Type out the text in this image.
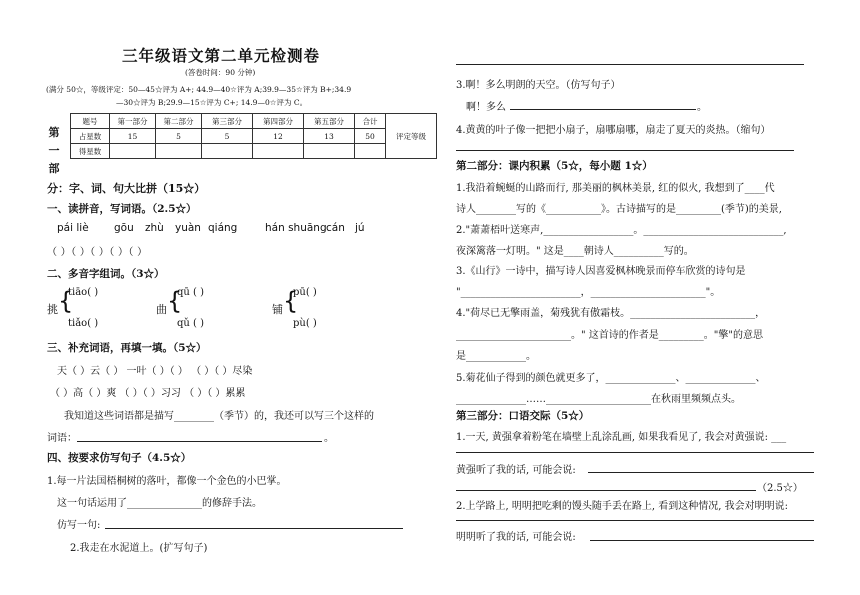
三年级语文第二单元检测卷
(答卷时间：90 分钟)
(满分 50☆，等级评定：50—45☆评为 A+; 44.9—40☆评为 A;39.9—35☆评为 B+;34.9
—30☆评为 B;29.9—15☆评为 C+; 14.9—0☆评为 C。
第
一
部
题号	第一部分	第二部分	第三部分	第四部分	第五部分	合计	评定等级
占星数	15	5	5	12	13	50	
得星数							
分：字、词、句大比拼（15☆）
一、读拼音，写词语。（2.5☆）
pái liè gōu zhù yuàn qiáng	hán shuāng cán jú
（ ）（ ）（ ）（ ）（ ）
二、多音字组词。（3☆）
挑 {
tiāo( )
tiǎo( )
曲 {
qū ( )
qǔ ( )
铺 {
pū( )
pù( )
三、补充词语，再填一填。（5☆）
天（ ）云（ ） 一叶（ ）（ ） （ ）（ ）尽染
（ ）高（ ）爽 （ ）（ ）习习 （ ）（ ）累累
我知道这些词语都是描写________（季节）的，我还可以写三个这样的
词语：	。
四、按要求仿写句子（4.5☆）
1.每一片法国梧桐树的落叶，都像一个金色的小巴掌。
这一句话运用了_______________的修辞手法。
仿写一句:
2.我走在水泥道上。(扩写句子)
3.啊！多么明朗的天空。（仿写句子）
啊！多么	。
4.黄黄的叶子像一把把小扇子，扇哪扇哪，扇走了夏天的炎热。（缩句）
第二部分：课内积累（5☆，每小题 1☆）
1.我沿着蜿蜒的山路而行, 那美丽的枫林美景, 红的似火, 我想到了____代
诗人________写的《___________》。古诗描写的是_________(季节)的美景,
2."萧萧梧叶送寒声,__________________。____________________________,
夜深篱落一灯明。" 这是____朝诗人__________写的。
3.《山行》一诗中，描写诗人因喜爱枫林晚景而停车欣赏的诗句是
"________________________，_______________________"。
4."荷尽已无擎雨盖，菊残犹有傲霜枝。_________________________，
_______________________。" 这首诗的作者是_________。"擎"的意思
是____________。
5.菊花仙子得到的颜色就更多了，______________、______________、
______________……_____________________在秋雨里频频点头。
第三部分：口语交际（5☆）
1.一天, 黄强拿着粉笔在墙壁上乱涂乱画, 如果我看见了, 我会对黄强说: ___
黄强听了我的话, 可能会说:
（2.5☆）
2.上学路上, 明明把吃剩的馒头随手丢在路上, 看到这种情况, 我会对明明说:
明明听了我的话, 可能会说:
